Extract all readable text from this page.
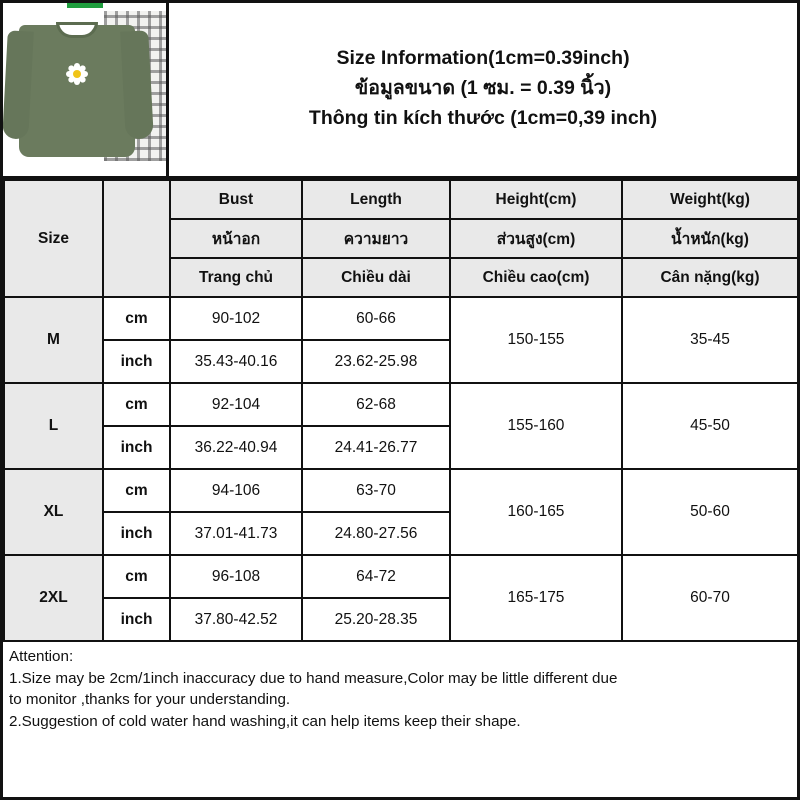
Size Information(1cm=0.39inch)
ข้อมูลขนาด (1 ซม. = 0.39 นิ้ว)
Thông tin kích thước (1cm=0,39 inch)
Size		Bust	Length	Height(cm)	Weight(kg)
		หน้าอก	ความยาว	ส่วนสูง(cm)	น้ำหนัก(kg)
		Trang chủ	Chiều dài	Chiều cao(cm)	Cân nặng(kg)
M	cm	90-102	60-66	150-155	35-45
	inch	35.43-40.16	23.62-25.98		
L	cm	92-104	62-68	155-160	45-50
	inch	36.22-40.94	24.41-26.77		
XL	cm	94-106	63-70	160-165	50-60
	inch	37.01-41.73	24.80-27.56		
2XL	cm	96-108	64-72	165-175	60-70
	inch	37.80-42.52	25.20-28.35		
Attention:
1.Size may be 2cm/1inch inaccuracy due to hand measure,Color may be little different due
to monitor ,thanks for your understanding.
2.Suggestion of cold water hand washing,it can help items keep their shape.
